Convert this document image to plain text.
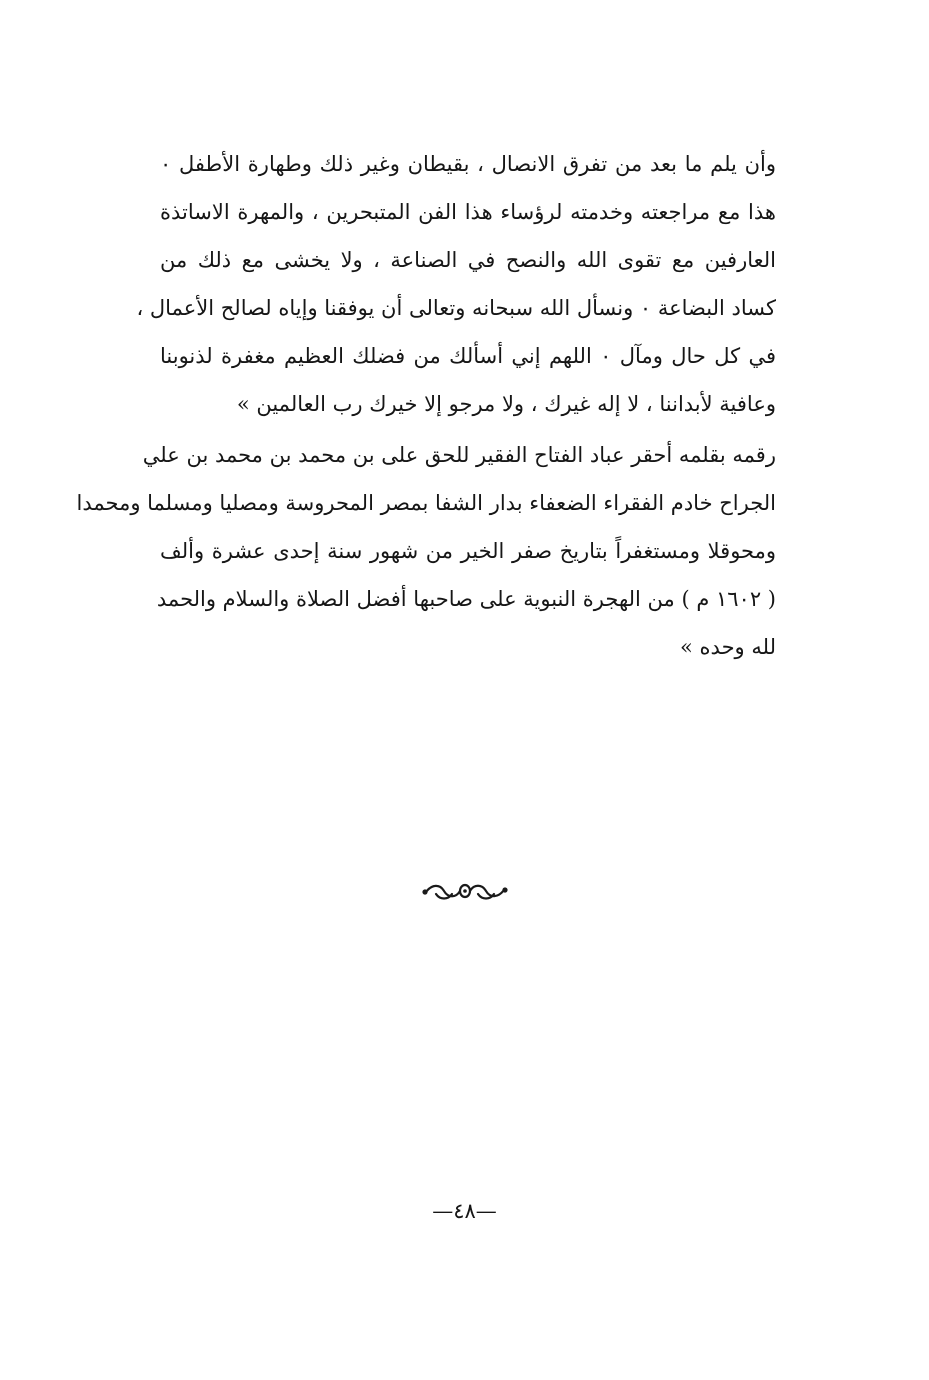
وأن يلم ما بعد من تفرق الانصال ، بقيطان وغير ذلك وطهارة الأطفل ٠
هذا مع مراجعته وخدمته لرؤساء هذا الفن المتبحرين ، والمهرة الاساتذة
العارفين مع تقوى الله والنصح في الصناعة ، ولا يخشى مع ذلك من
كساد البضاعة ٠ ونسأل الله سبحانه وتعالى أن يوفقنا وإياه لصالح الأعمال ،
في كل حال ومآل ٠ اللهم إني أسألك من فضلك العظيم مغفرة لذنوبنا
وعافية لأبداننا ، لا إله غيرك ، ولا مرجو إلا خيرك رب العالمين »
رقمه بقلمه أحقر عباد الفتاح الفقير للحق على بن محمد بن محمد بن علي
الجراح خادم الفقراء الضعفاء بدار الشفا بمصر المحروسة ومصليا ومسلما ومحمدا
ومحوقلا ومستغفراً بتاريخ صفر الخير من شهور سنة إحدى عشرة وألف
( ١٦٠٢ م ) من الهجرة النبوية على صاحبها أفضل الصلاة والسلام والحمد
لله وحده »
—٤٨—
